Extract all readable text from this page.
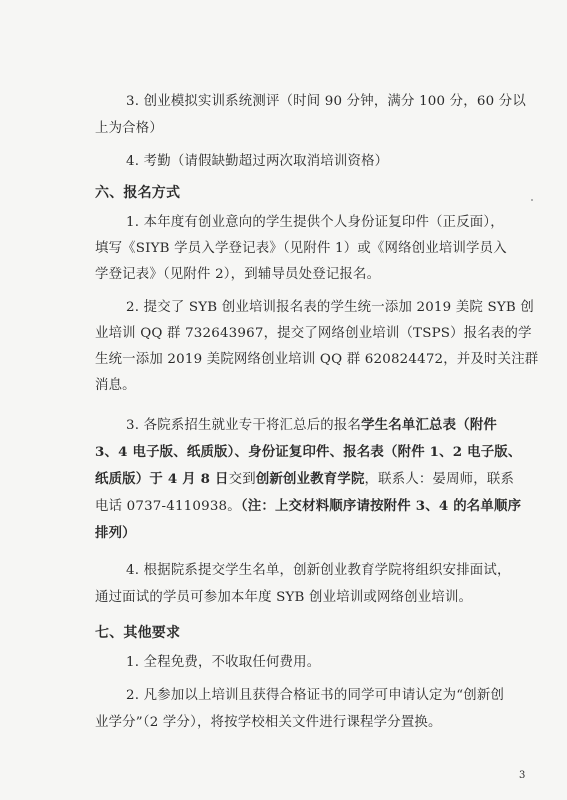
3. 创业模拟实训系统测评（时间 90 分钟，满分 100 分，60 分以
上为合格）
4. 考勤（请假缺勤超过两次取消培训资格）
六、报名方式
1. 本年度有创业意向的学生提供个人身份证复印件（正反面），
填写《SIYB 学员入学登记表》（见附件 1）或《网络创业培训学员入
学登记表》（见附件 2），到辅导员处登记报名。
2. 提交了 SYB 创业培训报名表的学生统一添加 2019 美院 SYB 创
业培训 QQ 群 732643967，提交了网络创业培训（TSPS）报名表的学
生统一添加 2019 美院网络创业培训 QQ 群 620824472，并及时关注群
消息。
3. 各院系招生就业专干将汇总后的报名学生名单汇总表（附件
3、4 电子版、纸质版）、身份证复印件、报名表（附件 1、2 电子版、
纸质版）于 4 月 8 日交到创新创业教育学院，联系人：晏周师，联系
电话 0737-4110938。（注：上交材料顺序请按附件 3、4 的名单顺序
排列）
4. 根据院系提交学生名单，创新创业教育学院将组织安排面试，
通过面试的学员可参加本年度 SYB 创业培训或网络创业培训。
七、其他要求
1. 全程免费，不收取任何费用。
2. 凡参加以上培训且获得合格证书的同学可申请认定为“创新创
业学分”（2 学分），将按学校相关文件进行课程学分置换。
3
